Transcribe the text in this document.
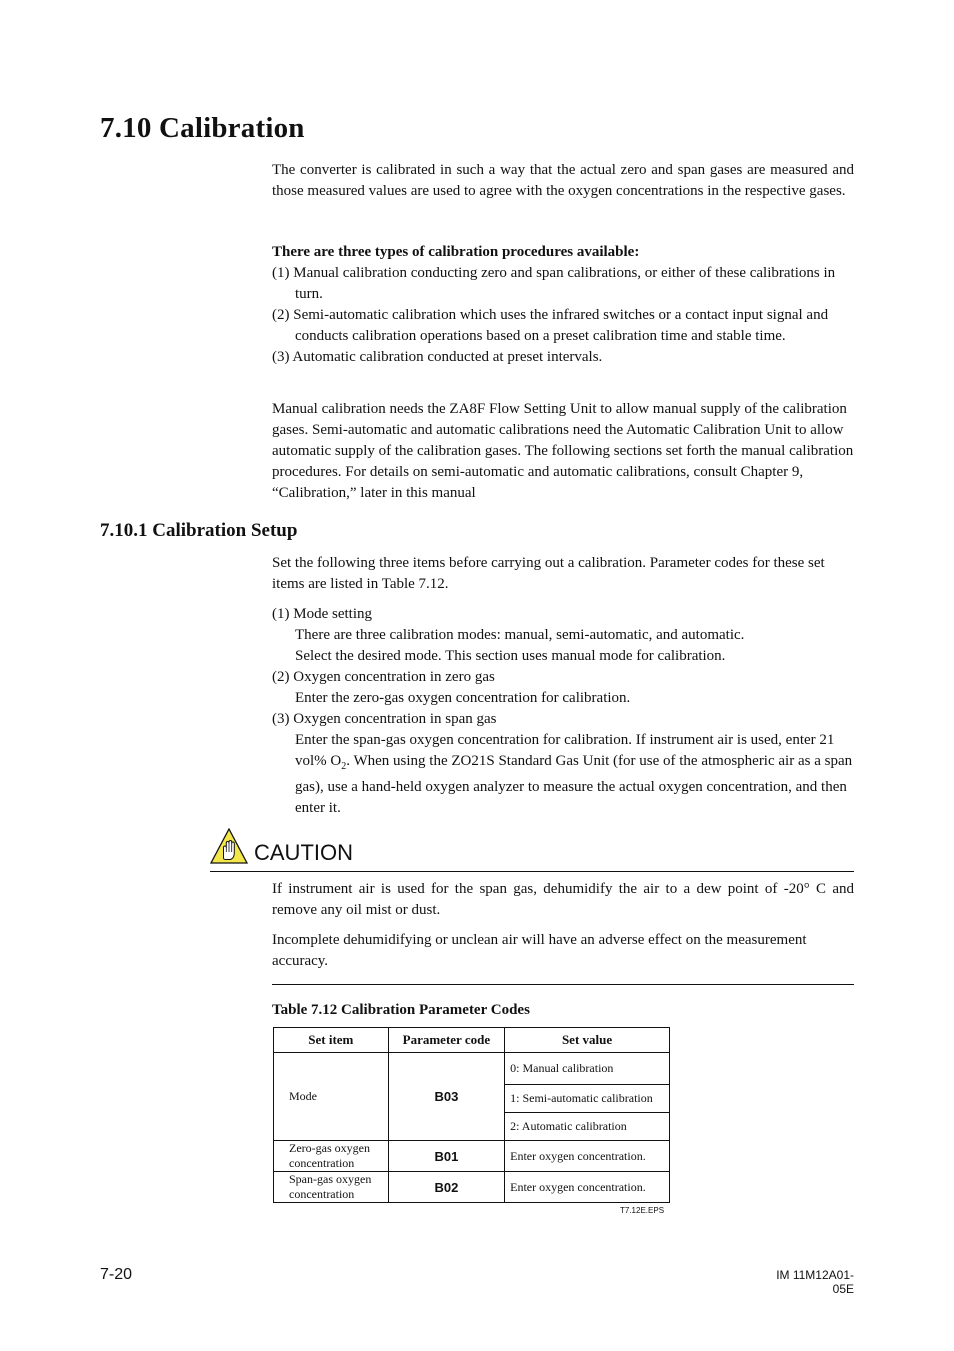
7.10 Calibration
The converter is calibrated in such a way that the actual zero and span gases are measured and those measured values are used to agree with the oxygen concentrations in the respective gases.
There are three types of calibration procedures available:
(1) Manual calibration conducting zero and span calibrations, or either of these calibrations in turn.
(2) Semi-automatic calibration which uses the infrared switches or a contact input signal and conducts calibration operations based on a preset calibration time and stable time.
(3) Automatic calibration conducted at preset intervals.
Manual calibration needs the ZA8F Flow Setting Unit to allow manual supply of the calibration gases. Semi-automatic and automatic calibrations need the Automatic Calibration Unit to allow automatic supply of the calibration gases. The following sections set forth the manual calibration procedures. For details on semi-automatic and automatic calibrations, consult Chapter 9, “Calibration,” later in this manual
7.10.1 Calibration Setup
Set the following three items before carrying out a calibration. Parameter codes for these set items are listed in Table 7.12.
(1) Mode setting
There are three calibration modes: manual, semi-automatic, and automatic.
Select the desired mode. This section uses manual mode for calibration.
(2) Oxygen concentration in zero gas
Enter the zero-gas oxygen concentration for calibration.
(3) Oxygen concentration in span gas
Enter the span-gas oxygen concentration for calibration. If instrument air is used, enter 21 vol% $O_2$. When using the ZO21S Standard Gas Unit (for use of the atmospheric air as a span gas), use a hand-held oxygen analyzer to measure the actual oxygen concentration, and then enter it.
CAUTION
If instrument air is used for the span gas, dehumidify the air to a dew point of -20° C and remove any oil mist or dust.
Incomplete dehumidifying or unclean air will have an adverse effect on the measurement accuracy.
Table 7.12 Calibration Parameter Codes
Set item	Parameter code	Set value
Mode	B03	0: Manual calibration
		1: Semi-automatic calibration
		2: Automatic calibration

Zero-gas oxygen
concentration	B01	Enter oxygen concentration.

Span-gas oxygen
concentration	B02	Enter oxygen concentration.
T7.12E.EPS
7-20	IM 11M12A01-05E
